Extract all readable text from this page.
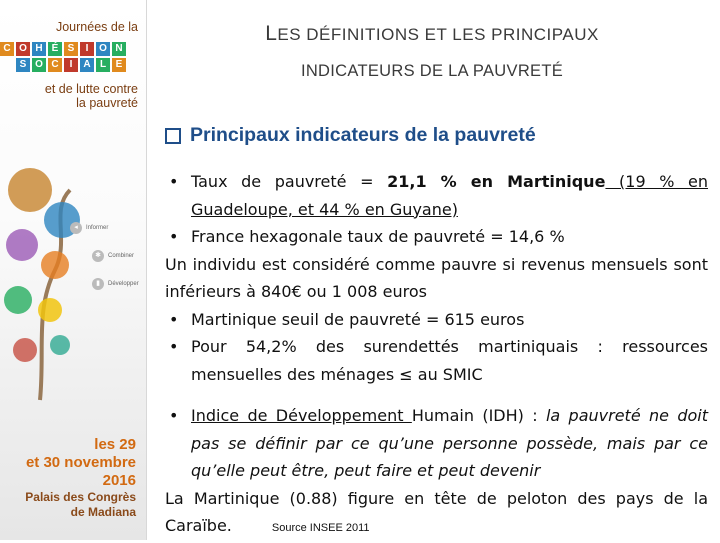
Journées de la
C O H É S	I	O N
S O C	I	A L E
et de lutte contre
la pauvreté
◂	Informer
✱	Combiner
▮	Développer
les 29
et 30 novembre 2016
Palais des Congrès
de Madiana
LES DÉFINITIONS ET LES PRINCIPAUX
INDICATEURS DE LA PAUVRETÉ
Principaux indicateurs de la pauvreté

• Taux de pauvreté = 21,1 % en Martinique (19 % en Guadeloupe, et 44 % en Guyane)

• France hexagonale taux de pauvreté = 14,6 %

Un individu est considéré comme pauvre si revenus mensuels sont inférieurs à 840€ ou 1 008 euros

• Martinique seuil de pauvreté = 615 euros

• Pour 54,2% des surendettés martiniquais : ressources mensuelles des ménages ≤ au SMIC

• Indice de Développement Humain (IDH) : la pauvreté ne doit pas se définir par ce qu’une personne possède, mais par ce qu’elle peut être, peut faire et peut devenir

La Martinique (0.88) figure en tête de peloton des pays de la Caraïbe.	Source INSEE 2011
